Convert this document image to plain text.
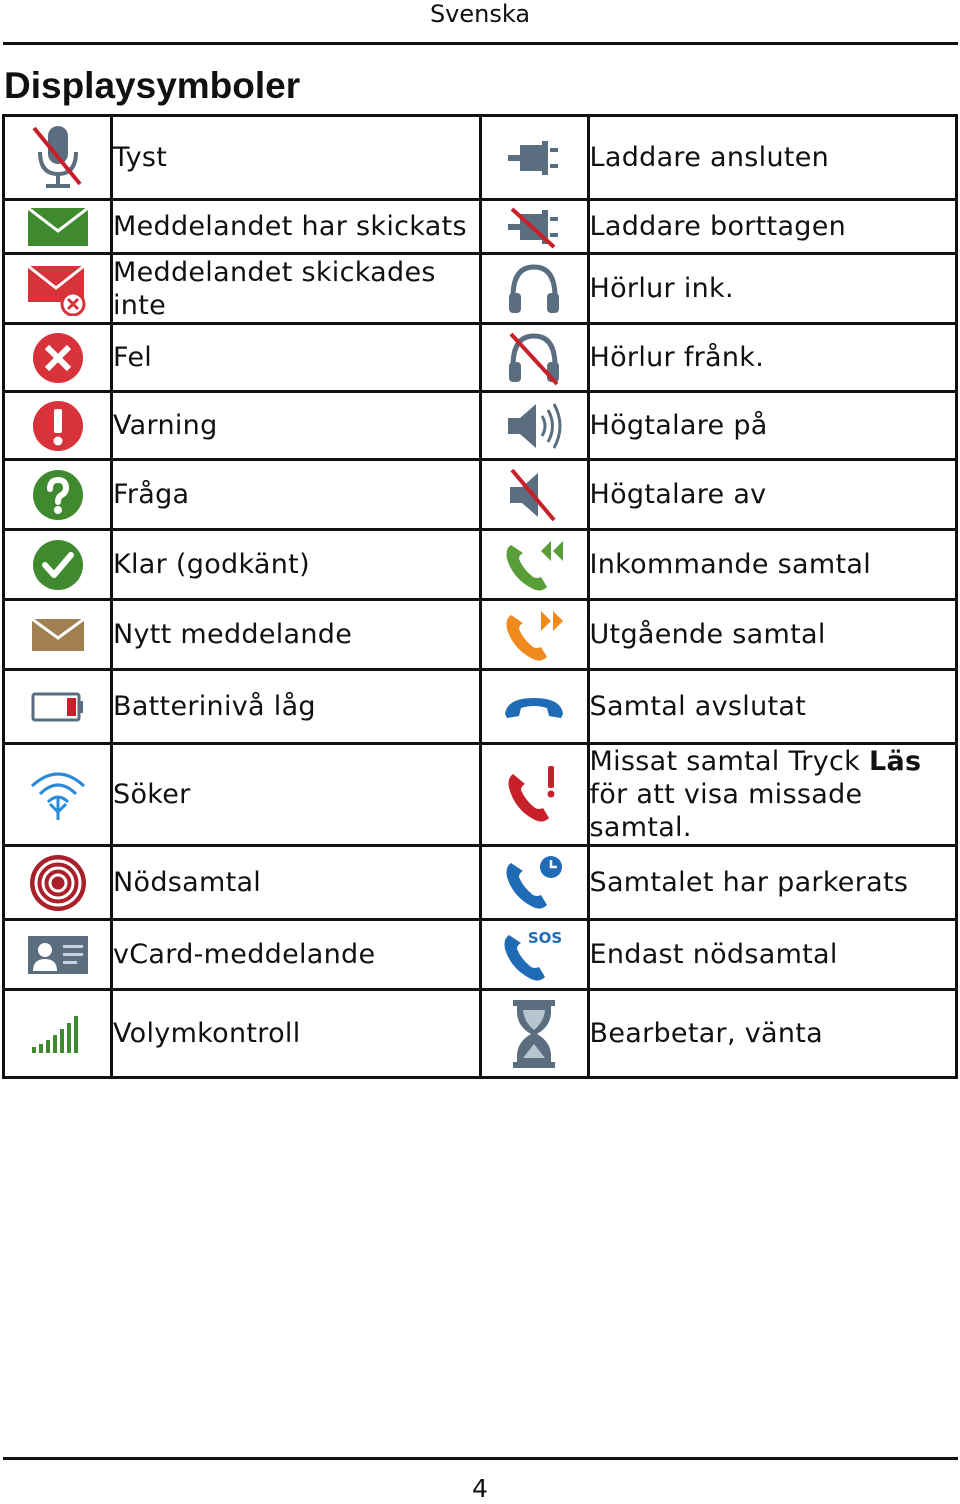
Svenska
Displaysymboler
	Tyst		Laddare ansluten

	Meddelandet har skickats		Laddare borttagen

	Meddelandet skickades inte		Hörlur ink.

	Fel		Hörlur frånk.

	Varning		Högtalare på

	Fråga		Högtalare av

	Klar (godkänt)		Inkommande samtal

	Nytt meddelande		Utgående samtal

	Batterinivå låg		Samtal avslutat

	Söker		Missat samtal Tryck Läs för att visa missade samtal.

	Nödsamtal		Samtalet har parkerats

	vCard-meddelande	SOS	Endast nödsamtal

	Volymkontroll		Bearbetar, vänta
4
